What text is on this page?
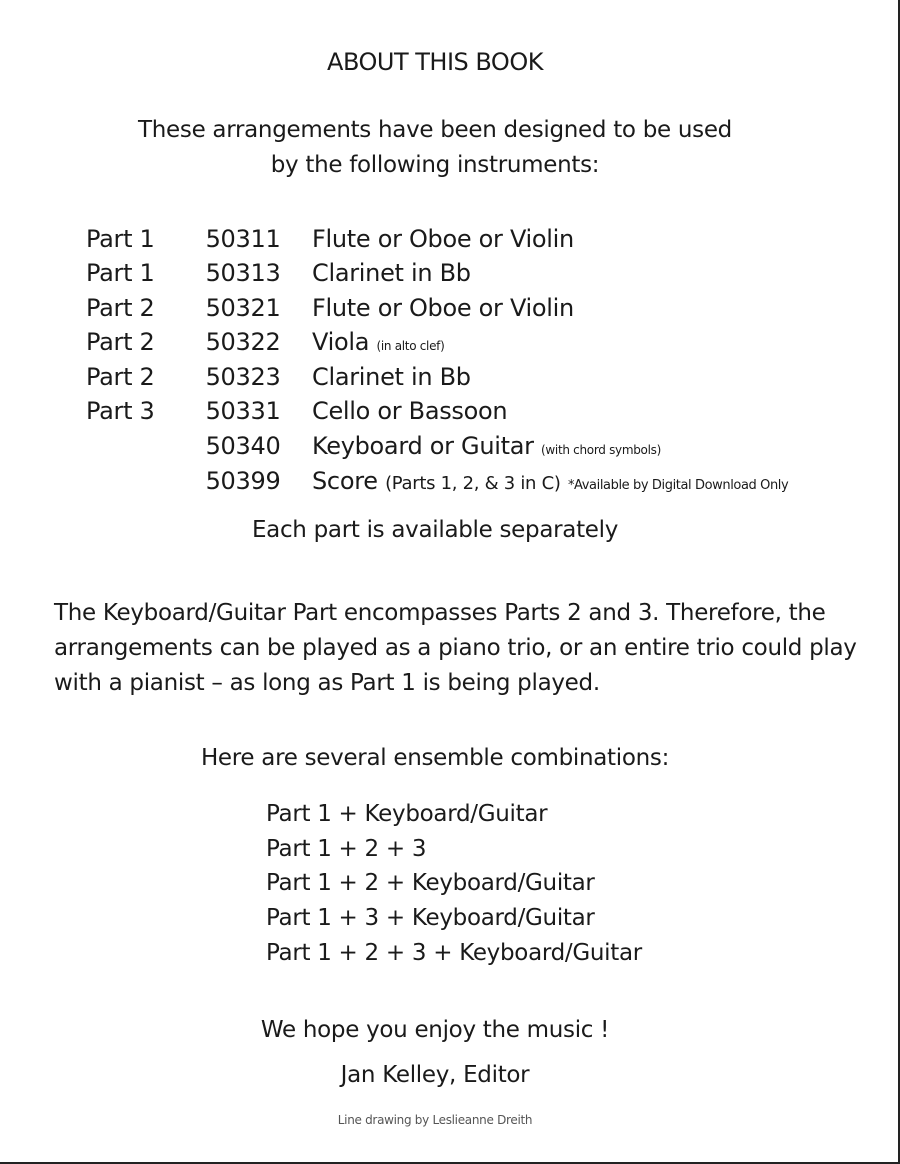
ABOUT THIS BOOK
These arrangements have been designed to be used
by the following instruments:
Part 1 50311 Flute or Oboe or Violin
Part 1 50313 Clarinet in Bb
Part 2 50321 Flute or Oboe or Violin
Part 2 50322 Viola (in alto clef)
Part 2 50323 Clarinet in Bb
Part 3 50331 Cello or Bassoon
50340 Keyboard or Guitar (with chord symbols)
50399 Score (Parts 1, 2, & 3 in C) *Available by Digital Download Only
Each part is available separately
The Keyboard/Guitar Part encompasses Parts 2 and 3. Therefore, the
arrangements can be played as a piano trio, or an entire trio could play
with a pianist – as long as Part 1 is being played.
Here are several ensemble combinations:
Part 1 + Keyboard/Guitar
Part 1 + 2 + 3
Part 1 + 2 + Keyboard/Guitar
Part 1 + 3 + Keyboard/Guitar
Part 1 + 2 + 3 + Keyboard/Guitar
We hope you enjoy the music !
Jan Kelley, Editor
Line drawing by Leslieanne Dreith
